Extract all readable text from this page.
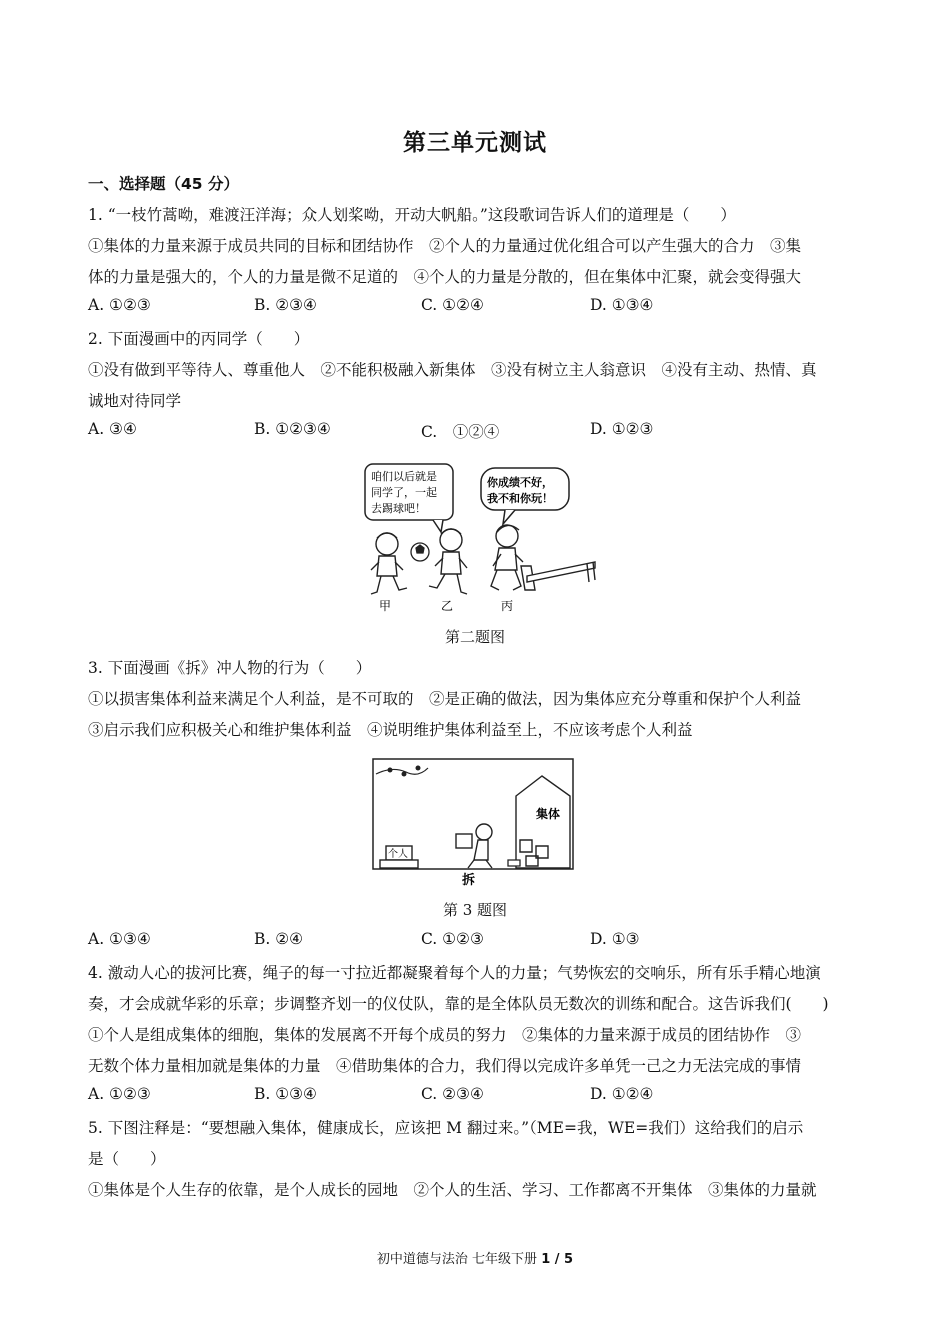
第三单元测试
一、选择题（45 分）
1. “一枝竹蒿呦，难渡汪洋海；众人划桨呦，开动大帆船。”这段歌词告诉人们的道理是（　　）
①集体的力量来源于成员共同的目标和团结协作　②个人的力量通过优化组合可以产生强大的合力　③集
体的力量是强大的，个人的力量是微不足道的　④个人的力量是分散的，但在集体中汇聚，就会变得强大
A. ①②③	B. ②③④	C. ①②④	D. ①③④
2. 下面漫画中的丙同学（　　）
①没有做到平等待人、尊重他人　②不能积极融入新集体　③没有树立主人翁意识　④没有主动、热情、真
诚地对待同学
A. ③④	B. ①②③④	C.　①②④	D. ①②③
咱们以后就是
同学了，一起
去踢球吧！
你成绩不好，
我不和你玩！
甲	乙	丙
第二题图
3. 下面漫画《拆》冲人物的行为（　　）
①以损害集体利益来满足个人利益，是不可取的　②是正确的做法，因为集体应充分尊重和保护个人利益
③启示我们应积极关心和维护集体利益　④说明维护集体利益至上，不应该考虑个人利益
集体
个人
拆
第 3 题图
A. ①③④	B. ②④	C. ①②③	D. ①③
4. 激动人心的拔河比赛，绳子的每一寸拉近都凝聚着每个人的力量；气势恢宏的交响乐，所有乐手精心地演
奏，才会成就华彩的乐章；步调整齐划一的仪仗队，靠的是全体队员无数次的训练和配合。这告诉我们(　　)
①个人是组成集体的细胞，集体的发展离不开每个成员的努力　②集体的力量来源于成员的团结协作　③
无数个体力量相加就是集体的力量　④借助集体的合力，我们得以完成许多单凭一己之力无法完成的事情
A. ①②③	B. ①③④	C. ②③④	D. ①②④
5. 下图注释是：“要想融入集体，健康成长，应该把 M 翻过来。”（ME=我，WE=我们）这给我们的启示
是（　　）
①集体是个人生存的依靠，是个人成长的园地　②个人的生活、学习、工作都离不开集体　③集体的力量就
初中道德与法治 七年级下册 1 / 5
